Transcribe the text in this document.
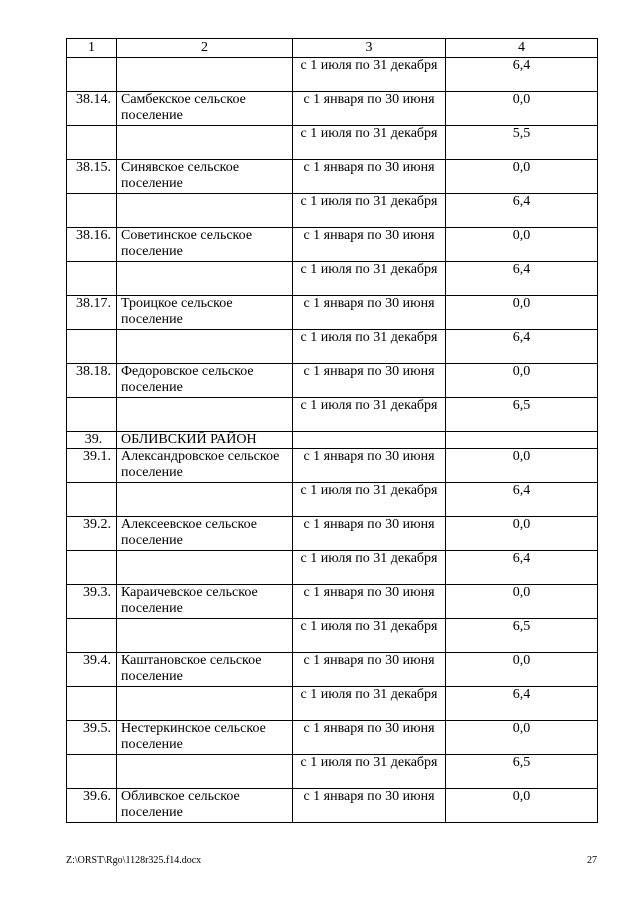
1	2	3	4
		с 1 июля по 31 декабря	6,4
38.14.	Самбекское сельское поселение	с 1 января по 30 июня	0,0
		с 1 июля по 31 декабря	5,5
38.15.	Синявское сельское поселение	с 1 января по 30 июня	0,0
		с 1 июля по 31 декабря	6,4
38.16.	Советинское сельское поселение	с 1 января по 30 июня	0,0
		с 1 июля по 31 декабря	6,4
38.17.	Троицкое сельское поселение	с 1 января по 30 июня	0,0
		с 1 июля по 31 декабря	6,4
38.18.	Федоровское сельское поселение	с 1 января по 30 июня	0,0
		с 1 июля по 31 декабря	6,5
39.	ОБЛИВСКИЙ РАЙОН		
39.1.	Александровское сельское поселение	с 1 января по 30 июня	0,0
		с 1 июля по 31 декабря	6,4
39.2.	Алексеевское сельское поселение	с 1 января по 30 июня	0,0
		с 1 июля по 31 декабря	6,4
39.3.	Караичевское сельское поселение	с 1 января по 30 июня	0,0
		с 1 июля по 31 декабря	6,5
39.4.	Каштановское сельское поселение	с 1 января по 30 июня	0,0
		с 1 июля по 31 декабря	6,4
39.5.	Нестеркинское сельское поселение	с 1 января по 30 июня	0,0
		с 1 июля по 31 декабря	6,5
39.6.	Обливское сельское поселение	с 1 января по 30 июня	0,0
Z:\ORST\Rgo\1128r325.f14.docx	27
